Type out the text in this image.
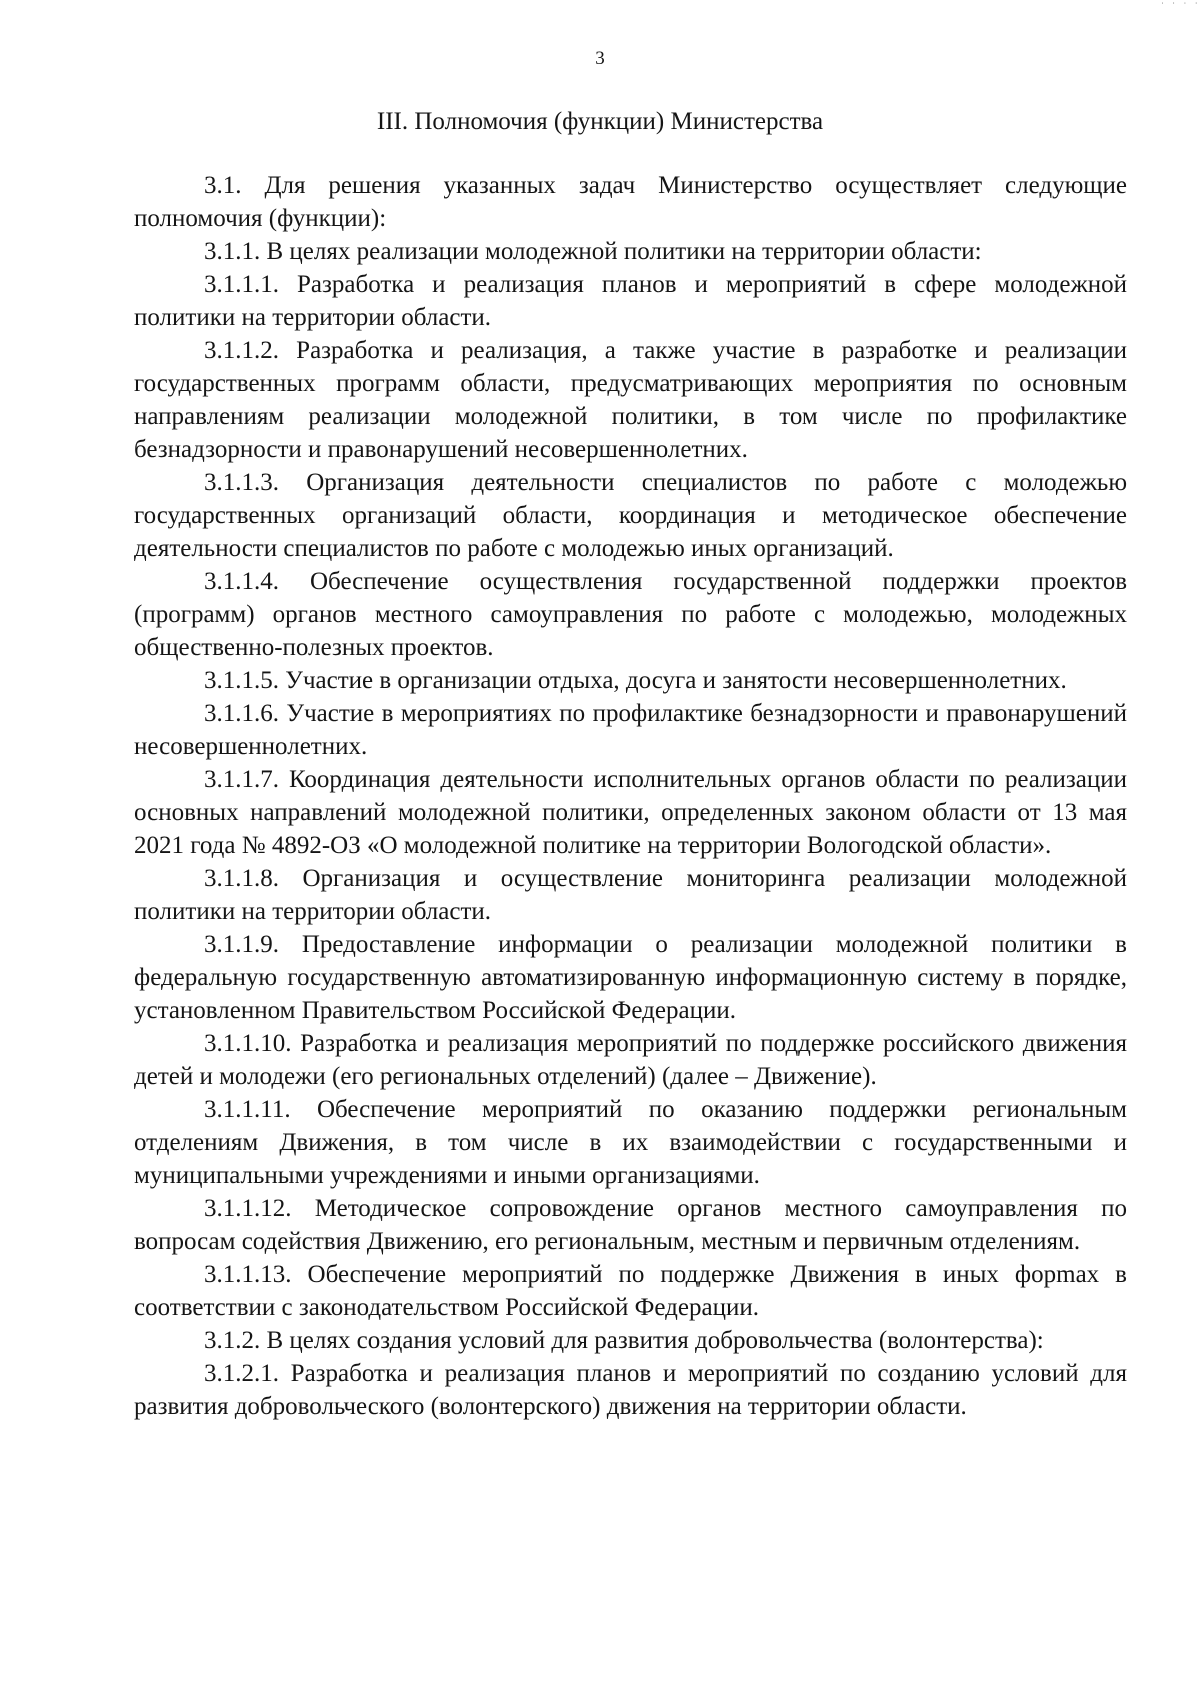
· · · ·
3
III. Полномочия (функции) Министерства

3.1. Для решения указанных задач Министерство осуществляет следующие полномочия (функции):

3.1.1. В целях реализации молодежной политики на территории области:

3.1.1.1. Разработка и реализация планов и мероприятий в сфере молодежной политики на территории области.

3.1.1.2. Разработка и реализация, а также участие в разработке и реализации государственных программ области, предусматривающих мероприятия по основным направлениям реализации молодежной политики, в том числе по профилактике безнадзорности и правонарушений несовершеннолетних.

3.1.1.3. Организация деятельности специалистов по работе с молодежью государственных организаций области, координация и методическое обеспечение деятельности специалистов по работе с молодежью иных организаций.

3.1.1.4. Обеспечение осуществления государственной поддержки проектов (программ) органов местного самоуправления по работе с молодежью, молодежных общественно-полезных проектов.

3.1.1.5. Участие в организации отдыха, досуга и занятости несовершеннолетних.

3.1.1.6. Участие в мероприятиях по профилактике безнадзорности и правонарушений несовершеннолетних.

3.1.1.7. Координация деятельности исполнительных органов области по реализации основных направлений молодежной политики, определенных законом области от 13 мая 2021 года № 4892-ОЗ «О молодежной политике на территории Вологодской области».

3.1.1.8. Организация и осуществление мониторинга реализации молодежной политики на территории области.

3.1.1.9. Предоставление информации о реализации молодежной политики в федеральную государственную автоматизированную информационную систему в порядке, установленном Правительством Российской Федерации.

3.1.1.10. Разработка и реализация мероприятий по поддержке российского движения детей и молодежи (его региональных отделений) (далее – Движение).

3.1.1.11. Обеспечение мероприятий по оказанию поддержки региональным отделениям Движения, в том числе в их взаимодействии с государственными и муниципальными учреждениями и иными организациями.

3.1.1.12. Методическое сопровождение органов местного самоуправления по вопросам содействия Движению, его региональным, местным и первичным отделениям.

3.1.1.13. Обеспечение мероприятий по поддержке Движения в иных форmах в соответствии с законодательством Российской Федерации.

3.1.2. В целях создания условий для развития добровольчества (волонтерства):

3.1.2.1. Разработка и реализация планов и мероприятий по созданию условий для развития добровольческого (волонтерского) движения на территории области.
